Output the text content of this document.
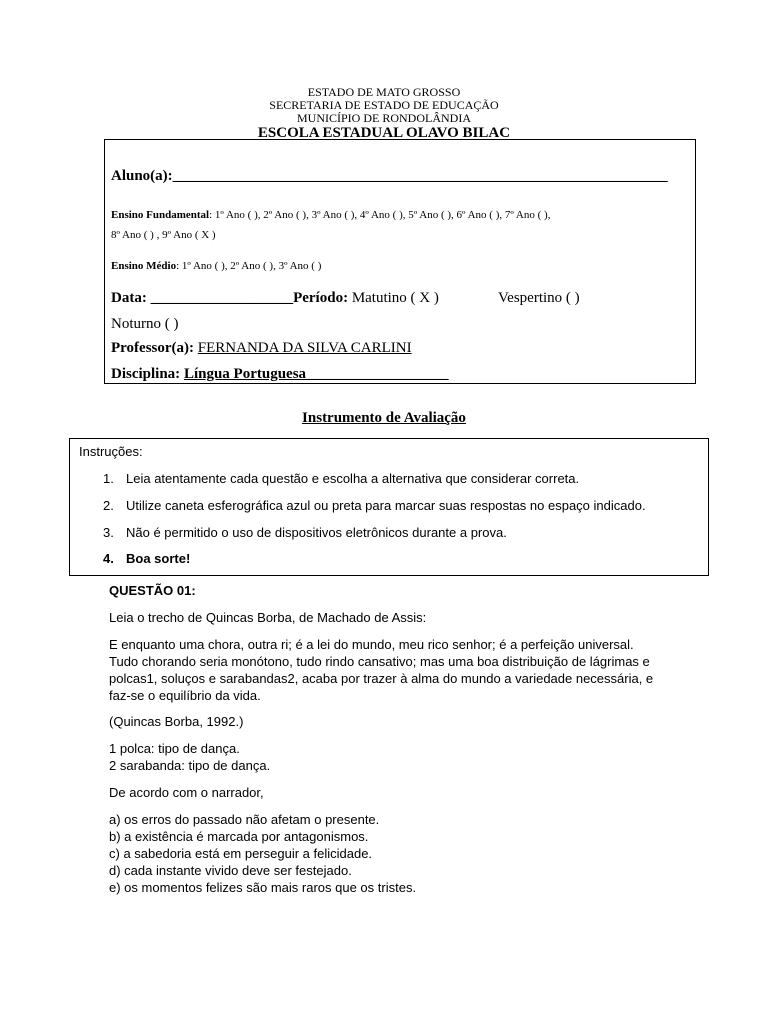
ESTADO DE MATO GROSSO
SECRETARIA DE ESTADO DE EDUCAÇÃO
MUNICÍPIO DE RONDOLÂNDIA
ESCOLA ESTADUAL OLAVO BILAC
Aluno(a):__________________________________________________________________
Ensino Fundamental: 1º Ano ( ), 2º Ano ( ), 3º Ano ( ), 4º Ano ( ), 5º Ano ( ), 6º Ano ( ), 7º Ano ( ),
8º Ano ( ) , 9º Ano ( X )
Ensino Médio: 1º Ano ( ), 2º Ano ( ), 3º Ano ( )
Data: ___________________Período: Matutino ( X )	Vespertino ( )
Noturno ( )
Professor(a): FERNANDA DA SILVA CARLINI
Disciplina: Língua Portuguesa___________________
Instrumento de Avaliação
Instruções:
1. Leia atentamente cada questão e escolha a alternativa que considerar correta.
2. Utilize caneta esferográfica azul ou preta para marcar suas respostas no espaço indicado.
3. Não é permitido o uso de dispositivos eletrônicos durante a prova.
4. Boa sorte!
QUESTÃO 01:
Leia o trecho de Quincas Borba, de Machado de Assis:
E enquanto uma chora, outra ri; é a lei do mundo, meu rico senhor; é a perfeição universal.
Tudo chorando seria monótono, tudo rindo cansativo; mas uma boa distribuição de lágrimas e
polcas1, soluços e sarabandas2, acaba por trazer à alma do mundo a variedade necessária, e
faz-se o equilíbrio da vida.
(Quincas Borba, 1992.)
1 polca: tipo de dança.
2 sarabanda: tipo de dança.
De acordo com o narrador,
a) os erros do passado não afetam o presente.
b) a existência é marcada por antagonismos.
c) a sabedoria está em perseguir a felicidade.
d) cada instante vivido deve ser festejado.
e) os momentos felizes são mais raros que os tristes.
